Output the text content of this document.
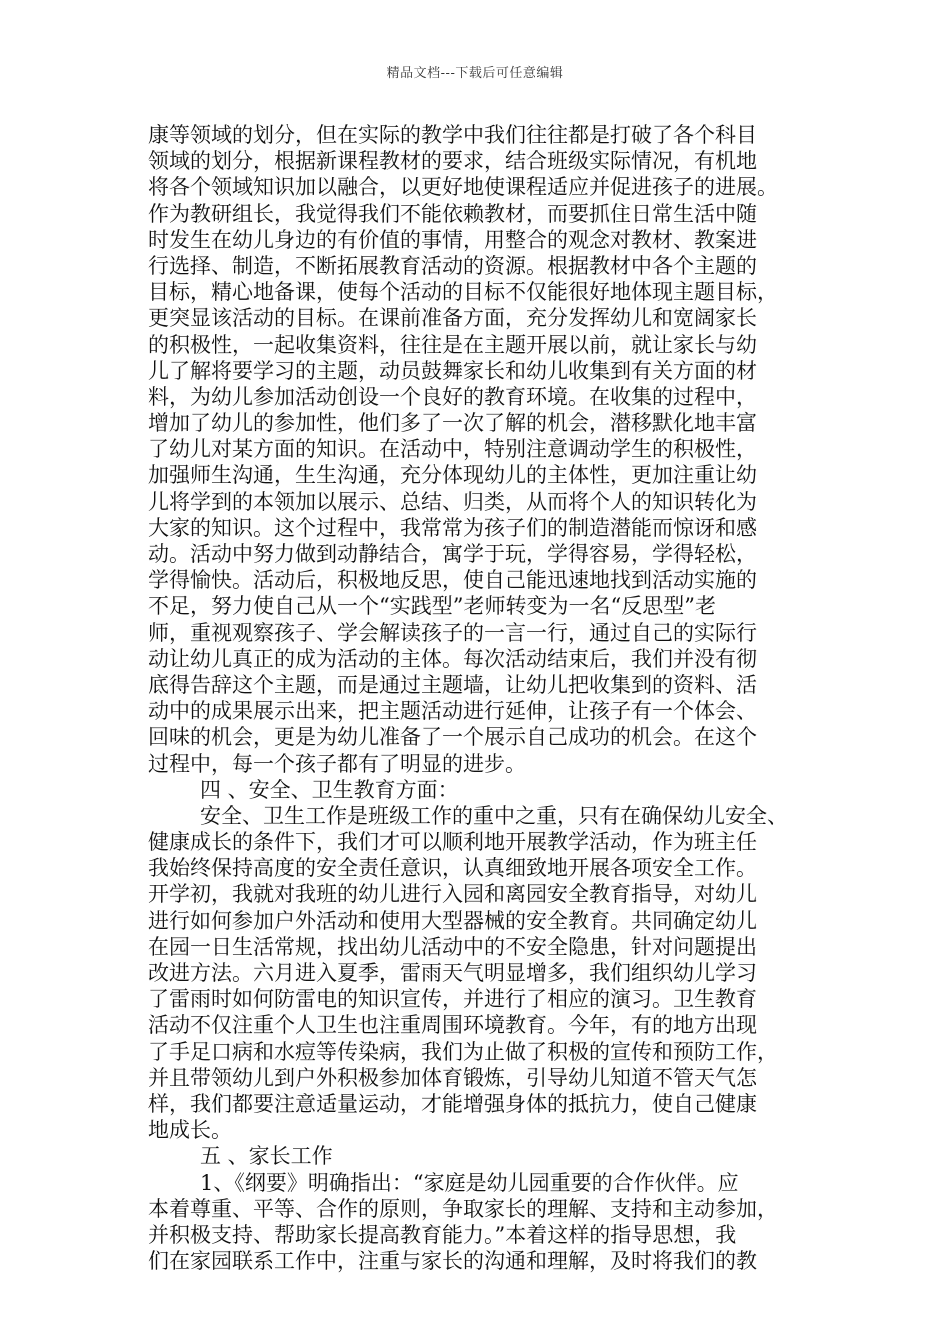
精品文档---下载后可任意编辑
康等领域的划分，但在实际的教学中我们往往都是打破了各个科目
领域的划分，根据新课程教材的要求，结合班级实际情况，有机地
将各个领域知识加以融合，以更好地使课程适应并促进孩子的进展。
作为教研组长，我觉得我们不能依赖教材，而要抓住日常生活中随
时发生在幼儿身边的有价值的事情，用整合的观念对教材、教案进
行选择、制造，不断拓展教育活动的资源。根据教材中各个主题的
目标，精心地备课，使每个活动的目标不仅能很好地体现主题目标，
更突显该活动的目标。在课前准备方面，充分发挥幼儿和宽阔家长
的积极性，一起收集资料，往往是在主题开展以前，就让家长与幼
儿了解将要学习的主题，动员鼓舞家长和幼儿收集到有关方面的材
料，为幼儿参加活动创设一个良好的教育环境。在收集的过程中，
增加了幼儿的参加性，他们多了一次了解的机会，潜移默化地丰富
了幼儿对某方面的知识。在活动中，特别注意调动学生的积极性，
加强师生沟通，生生沟通，充分体现幼儿的主体性，更加注重让幼
儿将学到的本领加以展示、总结、归类，从而将个人的知识转化为
大家的知识。这个过程中，我常常为孩子们的制造潜能而惊讶和感
动。活动中努力做到动静结合，寓学于玩，学得容易，学得轻松，
学得愉快。活动后，积极地反思，使自己能迅速地找到活动实施的
不足，努力使自己从一个“实践型”老师转变为一名“反思型”老
师，重视观察孩子、学会解读孩子的一言一行，通过自己的实际行
动让幼儿真正的成为活动的主体。每次活动结束后，我们并没有彻
底得告辞这个主题，而是通过主题墙，让幼儿把收集到的资料、活
动中的成果展示出来，把主题活动进行延伸，让孩子有一个体会、
回味的机会，更是为幼儿准备了一个展示自己成功的机会。在这个
过程中，每一个孩子都有了明显的进步。
四 、安全、卫生教育方面：
安全、卫生工作是班级工作的重中之重，只有在确保幼儿安全、
健康成长的条件下，我们才可以顺利地开展教学活动，作为班主任
我始终保持高度的安全责任意识，认真细致地开展各项安全工作。
开学初，我就对我班的幼儿进行入园和离园安全教育指导，对幼儿
进行如何参加户外活动和使用大型器械的安全教育。共同确定幼儿
在园一日生活常规，找出幼儿活动中的不安全隐患，针对问题提出
改进方法。六月进入夏季，雷雨天气明显增多，我们组织幼儿学习
了雷雨时如何防雷电的知识宣传，并进行了相应的演习。卫生教育
活动不仅注重个人卫生也注重周围环境教育。今年，有的地方出现
了手足口病和水痘等传染病，我们为止做了积极的宣传和预防工作，
并且带领幼儿到户外积极参加体育锻炼，引导幼儿知道不管天气怎
样，我们都要注意适量运动，才能增强身体的抵抗力，使自己健康
地成长。
五 、家长工作
1、《纲要》明确指出：“家庭是幼儿园重要的合作伙伴。应
本着尊重、平等、合作的原则，争取家长的理解、支持和主动参加，
并积极支持、帮助家长提高教育能力。”本着这样的指导思想，我
们在家园联系工作中，注重与家长的沟通和理解，及时将我们的教
